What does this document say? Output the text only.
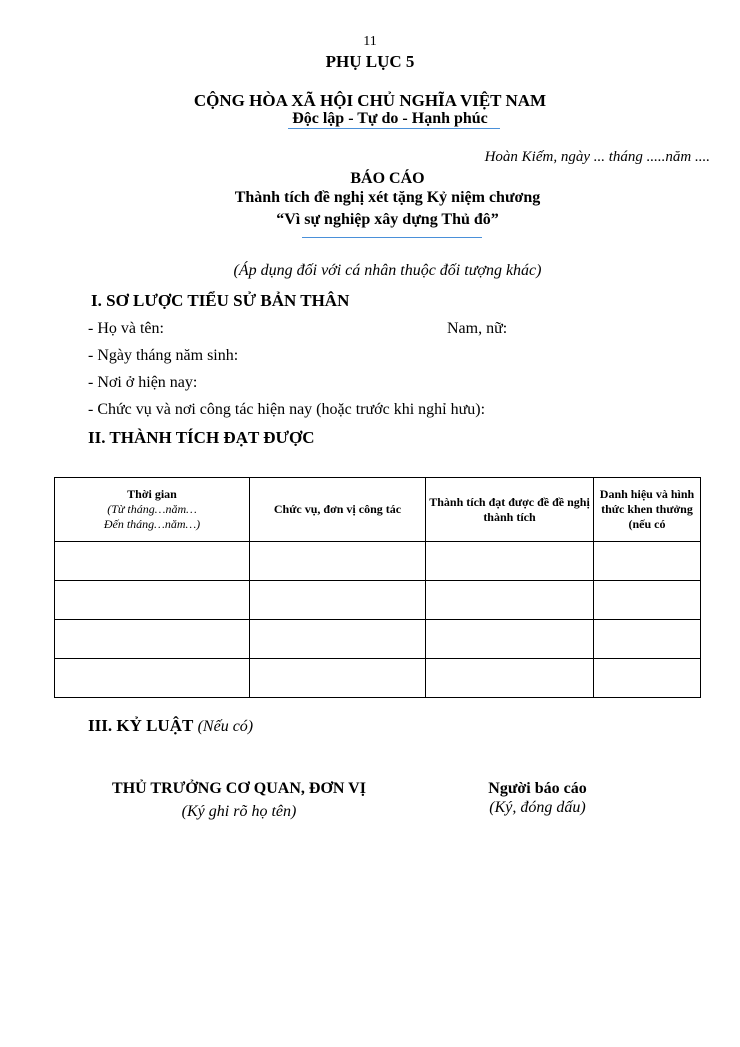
11
PHỤ LỤC 5
CỘNG HÒA XÃ HỘI CHỦ NGHĨA VIỆT NAM
Độc lập - Tự do - Hạnh phúc
Hoàn Kiếm, ngày ... tháng .....năm ....
BÁO CÁO
Thành tích đề nghị xét tặng Kỷ niệm chương
“Vì sự nghiệp xây dựng Thủ đô”
(Áp dụng đối với cá nhân thuộc đối tượng khác)
I. SƠ LƯỢC TIỂU SỬ BẢN THÂN
- Họ và tên:	Nam, nữ:
- Ngày tháng năm sinh:
- Nơi ở hiện nay:
- Chức vụ và nơi công tác hiện nay (hoặc trước khi nghỉ hưu):
II. THÀNH TÍCH ĐẠT ĐƯỢC
Thời gian
(Từ tháng…năm…
Đến tháng…năm…)	Chức vụ, đơn vị công tác	Thành tích đạt được đề đề nghị thành tích	Danh hiệu và hình thức khen thưởng (nếu có

III. KỶ LUẬT (Nếu có)
THỦ TRƯỞNG CƠ QUAN, ĐƠN VỊ
(Ký ghi rõ họ tên)
Người báo cáo
(Ký, đóng dấu)
